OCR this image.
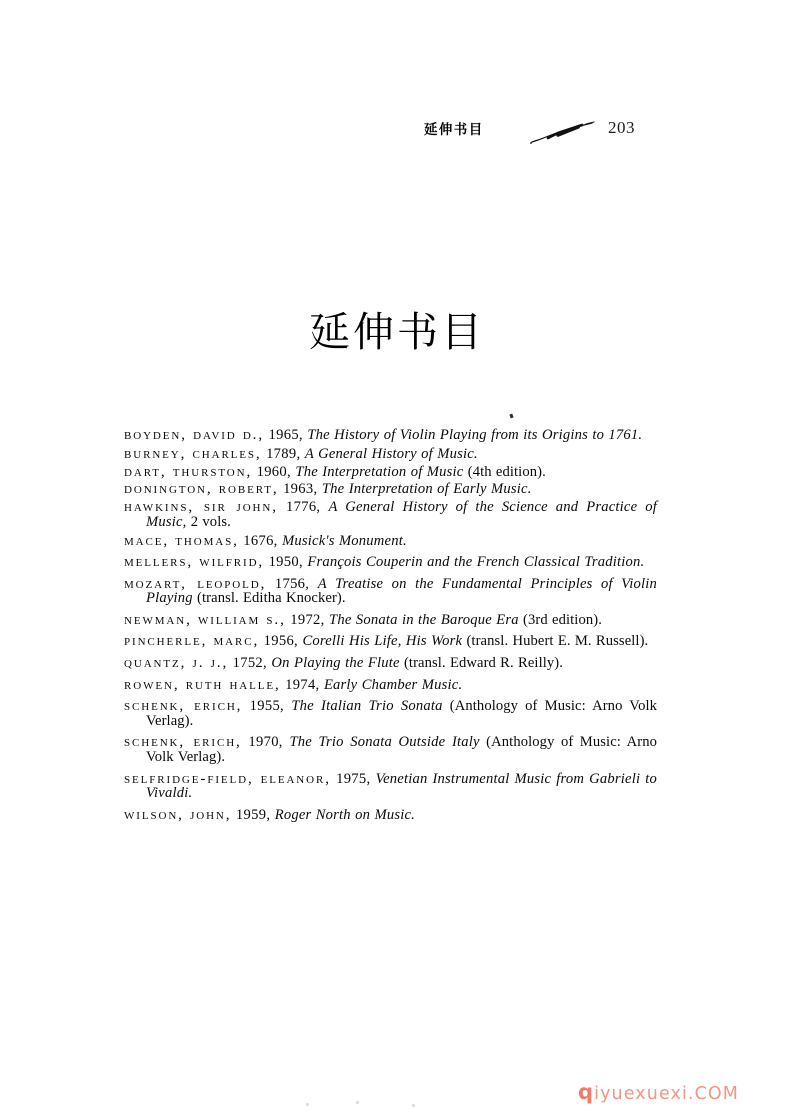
延伸书目	203
延伸书目
boyden, david d., 1965, The History of Violin Playing from its Origins to 1761.
burney, charles, 1789, A General History of Music.
dart, thurston, 1960, The Interpretation of Music (4th edition).
donington, robert, 1963, The Interpretation of Early Music.
hawkins, sir john, 1776, A General History of the Science and Practice of Music, 2 vols.
mace, thomas, 1676, Musick's Monument.
mellers, wilfrid, 1950, François Couperin and the French Classical Tradition.
mozart, leopold, 1756, A Treatise on the Fundamental Principles of Violin Playing (transl. Editha Knocker).
newman, william s., 1972, The Sonata in the Baroque Era (3rd edition).
pincherle, marc, 1956, Corelli His Life, His Work (transl. Hubert E. M. Russell).
quantz, j. j., 1752, On Playing the Flute (transl. Edward R. Reilly).
rowen, ruth halle, 1974, Early Chamber Music.
schenk, erich, 1955, The Italian Trio Sonata (Anthology of Music: Arno Volk Verlag).
schenk, erich, 1970, The Trio Sonata Outside Italy (Anthology of Music: Arno Volk Verlag).
selfridge-field, eleanor, 1975, Venetian Instrumental Music from Gabrieli to Vivaldi.
wilson, john, 1959, Roger North on Music.
qiyuexuexi.COM
